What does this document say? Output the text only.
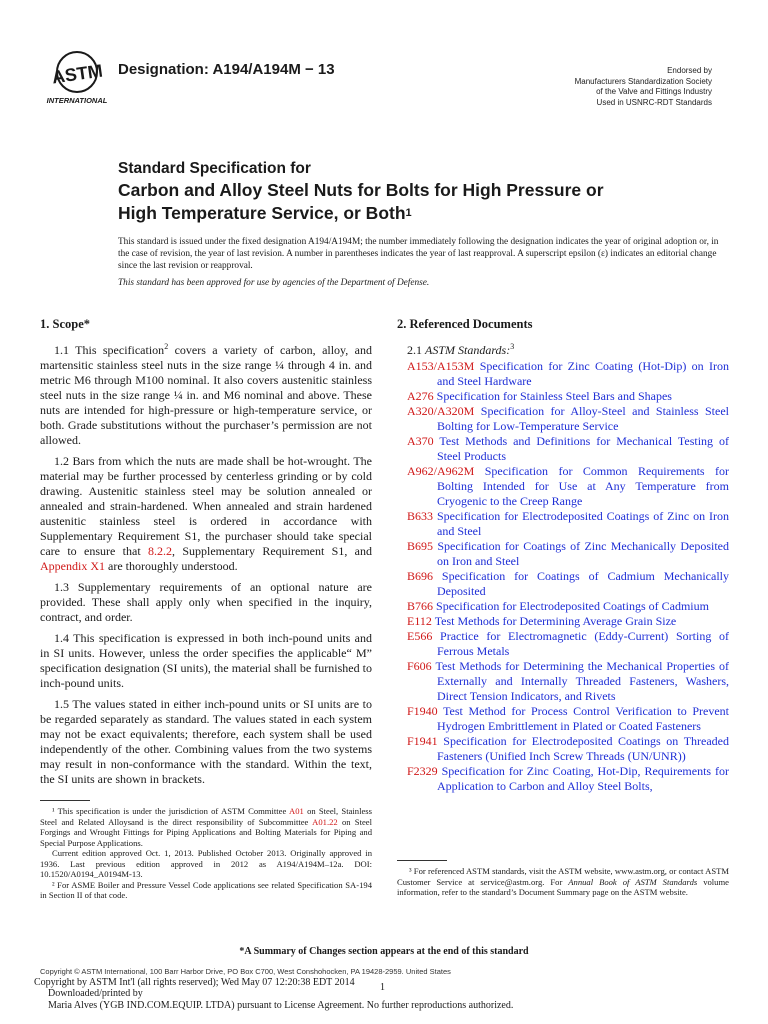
ASTM
INTERNATIONAL
Designation: A194/A194M − 13	Endorsed by
Manufacturers Standardization Society
of the Valve and Fittings Industry
Used in USNRC-RDT Standards
Standard Specification for
Carbon and Alloy Steel Nuts for Bolts for High Pressure or
High Temperature Service, or Both$^1$
This standard is issued under the fixed designation A194/A194M; the number immediately following the designation indicates the year of original adoption or, in the case of revision, the year of last revision. A number in parentheses indicates the year of last reapproval. A superscript epsilon (ε) indicates an editorial change since the last revision or reapproval.
This standard has been approved for use by agencies of the Department of Defense.
1. Scope*

1.1 This specification$^2$ covers a variety of carbon, alloy, and martensitic stainless steel nuts in the size range ¼ through 4 in. and metric M6 through M100 nominal. It also covers austenitic stainless steel nuts in the size range ¼ in. and M6 nominal and above. These nuts are intended for high-pressure or high-temperature service, or both. Grade substitutions without the purchaser’s permission are not allowed.

1.2 Bars from which the nuts are made shall be hot-wrought. The material may be further processed by centerless grinding or by cold drawing. Austenitic stainless steel may be solution annealed or annealed and strain-hardened. When annealed and strain hardened austenitic stainless steel is ordered in accordance with Supplementary Requirement S1, the purchaser should take special care to ensure that 8.2.2, Supplementary Requirement S1, and Appendix X1 are thoroughly understood.

1.3 Supplementary requirements of an optional nature are provided. These shall apply only when specified in the inquiry, contract, and order.

1.4 This specification is expressed in both inch-pound units and in SI units. However, unless the order specifies the applicable“ M” specification designation (SI units), the material shall be furnished to inch-pound units.

1.5 The values stated in either inch-pound units or SI units are to be regarded separately as standard. The values stated in each system may not be exact equivalents; therefore, each system shall be used independently of the other. Combining values from the two systems may result in non-conformance with the standard. Within the text, the SI units are shown in brackets.

2. Referenced Documents
2.1 ASTM Standards:$^3$

A153/A153M Specification for Zinc Coating (Hot-Dip) on Iron and Steel Hardware

A276 Specification for Stainless Steel Bars and Shapes

A320/A320M Specification for Alloy-Steel and Stainless Steel Bolting for Low-Temperature Service

A370 Test Methods and Definitions for Mechanical Testing of Steel Products

A962/A962M Specification for Common Requirements for Bolting Intended for Use at Any Temperature from Cryogenic to the Creep Range

B633 Specification for Electrodeposited Coatings of Zinc on Iron and Steel

B695 Specification for Coatings of Zinc Mechanically Deposited on Iron and Steel

B696 Specification for Coatings of Cadmium Mechanically Deposited

B766 Specification for Electrodeposited Coatings of Cadmium

E112 Test Methods for Determining Average Grain Size

E566 Practice for Electromagnetic (Eddy-Current) Sorting of Ferrous Metals

F606 Test Methods for Determining the Mechanical Properties of Externally and Internally Threaded Fasteners, Washers, Direct Tension Indicators, and Rivets

F1940 Test Method for Process Control Verification to Prevent Hydrogen Embrittlement in Plated or Coated Fasteners

F1941 Specification for Electrodeposited Coatings on Threaded Fasteners (Unified Inch Screw Threads (UN/UNR))

F2329 Specification for Zinc Coating, Hot-Dip, Requirements for Application to Carbon and Alloy Steel Bolts,

¹ This specification is under the jurisdiction of ASTM Committee A01 on Steel, Stainless Steel and Related Alloysand is the direct responsibility of Subcommittee A01.22 on Steel Forgings and Wrought Fittings for Piping Applications and Bolting Materials for Piping and Special Purpose Applications.

Current edition approved Oct. 1, 2013. Published October 2013. Originally approved in 1936. Last previous edition approved in 2012 as A194/A194M–12a. DOI: 10.1520/A0194_A0194M-13.

² For ASME Boiler and Pressure Vessel Code applications see related Specification SA-194 in Section II of that code.

³ For referenced ASTM standards, visit the ASTM website, www.astm.org, or contact ASTM Customer Service at service@astm.org. For Annual Book of ASTM Standards volume information, refer to the standard’s Document Summary page on the ASTM website.

*A Summary of Changes section appears at the end of this standard
Copyright © ASTM International, 100 Barr Harbor Drive, PO Box C700, West Conshohocken, PA 19428-2959. United States
Copyright by ASTM Int'l (all rights reserved); Wed May 07 12:20:38 EDT 2014	1
Downloaded/printed by
Maria Alves (YGB IND.COM.EQUIP. LTDA) pursuant to License Agreement. No further reproductions authorized.
